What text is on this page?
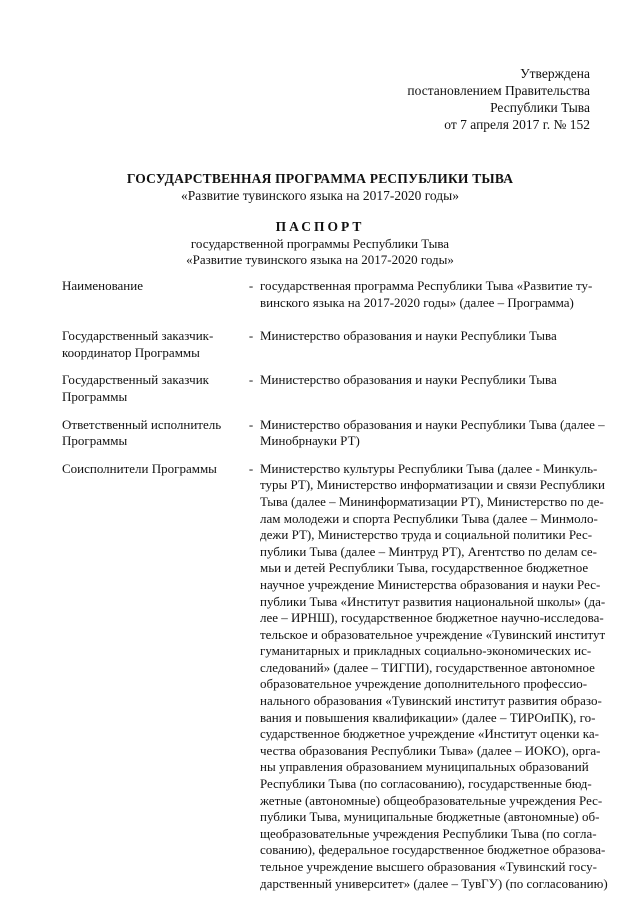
Утверждена
постановлением Правительства
Республики Тыва
от 7 апреля 2017 г. № 152
ГОСУДАРСТВЕННАЯ ПРОГРАММА РЕСПУБЛИКИ ТЫВА
«Развитие тувинского языка на 2017-2020 годы»
ПАСПОРТ
государственной программы Республики Тыва
«Развитие тувинского языка на 2017-2020 годы»
Наименование	- государственная программа Республики Тыва «Развитие ту-
винского языка на 2017-2020 годы» (далее – Программа)
Государственный заказчик-
координатор Программы
- Министерство образования и науки Республики Тыва
Государственный заказчик
Программы
- Министерство образования и науки Республики Тыва
Ответственный исполнитель
Программы
- Министерство образования и науки Республики Тыва (далее –
Минобрнауки РТ)
Соисполнители Программы	- Министерство культуры Республики Тыва (далее - Минкуль-
туры РТ), Министерство информатизации и связи Республики
Тыва (далее – Мининформатизации РТ), Министерство по де-
лам молодежи и спорта Республики Тыва (далее – Минмоло-
дежи РТ), Министерство труда и социальной политики Рес-
публики Тыва (далее – Минтруд РТ), Агентство по делам се-
мьи и детей Республики Тыва, государственное бюджетное
научное учреждение Министерства образования и науки Рес-
публики Тыва «Институт развития национальной школы» (да-
лее – ИРНШ), государственное бюджетное научно-исследова-
тельское и образовательное учреждение «Тувинский институт
гуманитарных и прикладных социально-экономических ис-
следований» (далее – ТИГПИ), государственное автономное
образовательное учреждение дополнительного профессио-
нального образования «Тувинский институт развития образо-
вания и повышения квалификации» (далее – ТИРОиПК), го-
сударственное бюджетное учреждение «Институт оценки ка-
чества образования Республики Тыва» (далее – ИОКО), орга-
ны управления образованием муниципальных образований
Республики Тыва (по согласованию), государственные бюд-
жетные (автономные) общеобразовательные учреждения Рес-
публики Тыва, муниципальные бюджетные (автономные) об-
щеобразовательные учреждения Республики Тыва (по согла-
сованию), федеральное государственное бюджетное образова-
тельное учреждение высшего образования «Тувинский госу-
дарственный университет» (далее – ТувГУ) (по согласованию)
